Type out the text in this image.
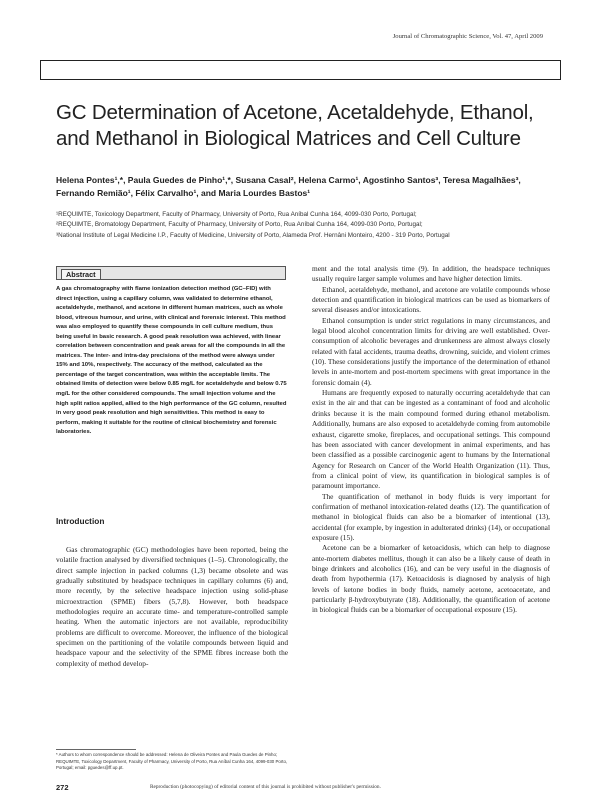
Journal of Chromatographic Science, Vol. 47, April 2009
GC Determination of Acetone, Acetaldehyde, Ethanol, and Methanol in Biological Matrices and Cell Culture
Helena Pontes¹,*, Paula Guedes de Pinho¹,*, Susana Casal², Helena Carmo¹, Agostinho Santos³, Teresa Magalhães³, Fernando Remião¹, Félix Carvalho¹, and Maria Lourdes Bastos¹
¹REQUIMTE, Toxicology Department, Faculty of Pharmacy, University of Porto, Rua Aníbal Cunha 164, 4099-030 Porto, Portugal;
²REQUIMTE, Bromatology Department, Faculty of Pharmacy, University of Porto, Rua Aníbal Cunha 164, 4099-030 Porto, Portugal;
³National Institute of Legal Medicine I.P., Faculty of Medicine, University of Porto, Alameda Prof. Hernâni Monteiro, 4200 - 319 Porto, Portugal
Abstract
A gas chromatography with flame ionization detection method (GC–FID) with direct injection, using a capillary column, was validated to determine ethanol, acetaldehyde, methanol, and acetone in different human matrices, such as whole blood, vitreous humour, and urine, with clinical and forensic interest. This method was also employed to quantify these compounds in cell culture medium, thus being useful in basic research. A good peak resolution was achieved, with linear correlation between concentration and peak areas for all the compounds in all the matrices. The inter- and intra-day precisions of the method were always under 15% and 10%, respectively. The accuracy of the method, calculated as the percentage of the target concentration, was within the acceptable limits. The obtained limits of detection were below 0.85 mg/L for acetaldehyde and below 0.75 mg/L for the other considered compounds. The small injection volume and the high split ratios applied, allied to the high performance of the GC column, resulted in very good peak resolution and high sensitivities. This method is easy to perform, making it suitable for the routine of clinical biochemistry and forensic laboratories.
Introduction

Gas chromatographic (GC) methodologies have been reported, being the volatile fraction analysed by diversified techniques (1–5). Chronologically, the direct sample injection in packed columns (1,3) became obsolete and was gradually substituted by headspace techniques in capillary columns (6) and, more recently, by the selective headspace injection using solid-phase microextraction (SPME) fibers (5,7,8). However, both headspace methodologies require an accurate time- and temperature-controlled sample heating. When the automatic injectors are not available, reproducibility problems are difficult to overcome. Moreover, the influence of the biological specimen on the partitioning of the volatile compounds between liquid and headspace vapour and the selectivity of the SPME fibres increase both the complexity of method develop-

ment and the total analysis time (9). In addition, the headspace techniques usually require larger sample volumes and have higher detection limits.

Ethanol, acetaldehyde, methanol, and acetone are volatile compounds whose detection and quantification in biological matrices can be used as biomarkers of several diseases and/or intoxications.

Ethanol consumption is under strict regulations in many circumstances, and legal blood alcohol concentration limits for driving are well established. Over-consumption of alcoholic beverages and drunkenness are almost always closely related with fatal accidents, trauma deaths, drowning, suicide, and violent crimes (10). These considerations justify the importance of the determination of ethanol levels in ante-mortem and post-mortem specimens with great importance in the forensic domain (4).

Humans are frequently exposed to naturally occurring acetaldehyde that can exist in the air and that can be ingested as a contaminant of food and alcoholic drinks because it is the main compound formed during ethanol metabolism. Additionally, humans are also exposed to acetaldehyde coming from automobile exhaust, cigarette smoke, fireplaces, and occupational settings. This compound has been associated with cancer development in animal experiments, and has been classified as a possible carcinogenic agent to humans by the International Agency for Research on Cancer of the World Health Organization (11). Thus, from a clinical point of view, its quantification in biological samples is of paramount importance.

The quantification of methanol in body fluids is very important for confirmation of methanol intoxication-related deaths (12). The quantification of methanol in biological fluids can also be a biomarker of intentional (13), accidental (for example, by ingestion in adulterated drinks) (14), or occupational exposure (15).

Acetone can be a biomarker of ketoacidosis, which can help to diagnose ante-mortem diabetes mellitus, though it can also be a likely cause of death in binge drinkers and alcoholics (16), and can be very useful in the diagnosis of death from hypothermia (17). Ketoacidosis is diagnosed by analysis of high levels of ketone bodies in body fluids, namely acetone, acetoacetate, and particularly β-hydroxybutyrate (18). Additionally, the quantification of acetone in biological fluids can be a biomarker of occupational exposure (15).

* Authors to whom correspondence should be addressed: Helena de Oliveira Pontes and Paula Guedes de Pinho; REQUIMTE, Toxicology Department, Faculty of Pharmacy, University of Porto, Rua Aníbal Cunha 164, 4099-030 Porto, Portugal; email: pguedes@ff.up.pt.
272	Reproduction (photocopying) of editorial content of this journal is prohibited without publisher's permission.
